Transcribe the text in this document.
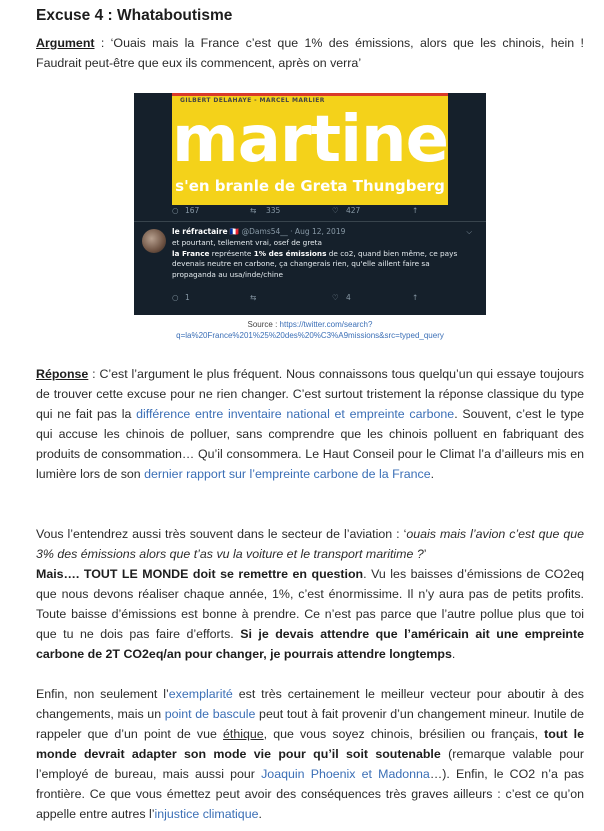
Excuse 4 : Whataboutisme

Argument : ‘Ouais mais la France c’est que 1% des émissions, alors que les chinois, hein ! Faudrait peut-être que eux ils commencent, après on verra’

GILBERT DELAHAYE - MARCEL MARLIER
martine
s'en branle de Greta Thungberg
○ 167	⇆ 335	♡ 427	↑
le réfractaire 🇫🇷 @Dams54__ · Aug 12, 2019	⌵
et pourtant, tellement vrai, osef de greta
la France représente 1% des émissions de co2, quand bien même, ce pays devenais neutre en carbone, ça changerais rien, qu'elle aillent faire sa propaganda au usa/inde/chine
○ 1	⇆	♡ 4	↑
Source : https://twitter.com/search?
q=la%20France%201%25%20des%20%C3%A9missions&src=typed_query

Réponse : C’est l’argument le plus fréquent. Nous connaissons tous quelqu’un qui essaye toujours de trouver cette excuse pour ne rien changer. C’est surtout tristement la réponse classique du type qui ne fait pas la différence entre inventaire national et empreinte carbone. Souvent, c’est le type qui accuse les chinois de polluer, sans comprendre que les chinois polluent en fabriquant des produits de consommation… Qu’il consommera. Le Haut Conseil pour le Climat l’a d’ailleurs mis en lumière lors de son dernier rapport sur l’empreinte carbone de la France.

Vous l’entendrez aussi très souvent dans le secteur de l’aviation : ‘ouais mais l’avion c’est que que 3% des émissions alors que t’as vu la voiture et le transport maritime ?’
Mais…. TOUT LE MONDE doit se remettre en question. Vu les baisses d’émissions de CO2eq que nous devons réaliser chaque année, 1%, c’est énormissime. Il n’y aura pas de petits profits. Toute baisse d’émissions est bonne à prendre. Ce n’est pas parce que l’autre pollue plus que toi que tu ne dois pas faire d’efforts. Si je devais attendre que l’américain ait une empreinte carbone de 2T CO2eq/an pour changer, je pourrais attendre longtemps.

Enfin, non seulement l’exemplarité est très certainement le meilleur vecteur pour aboutir à des changements, mais un point de bascule peut tout à fait provenir d’un changement mineur. Inutile de rappeler que d’un point de vue éthique, que vous soyez chinois, brésilien ou français, tout le monde devrait adapter son mode vie pour qu’il soit soutenable (remarque valable pour l’employé de bureau, mais aussi pour Joaquin Phoenix et Madonna…). Enfin, le CO2 n’a pas frontière. Ce que vous émettez peut avoir des conséquences très graves ailleurs : c’est ce qu’on appelle entre autres l’injustice climatique.
